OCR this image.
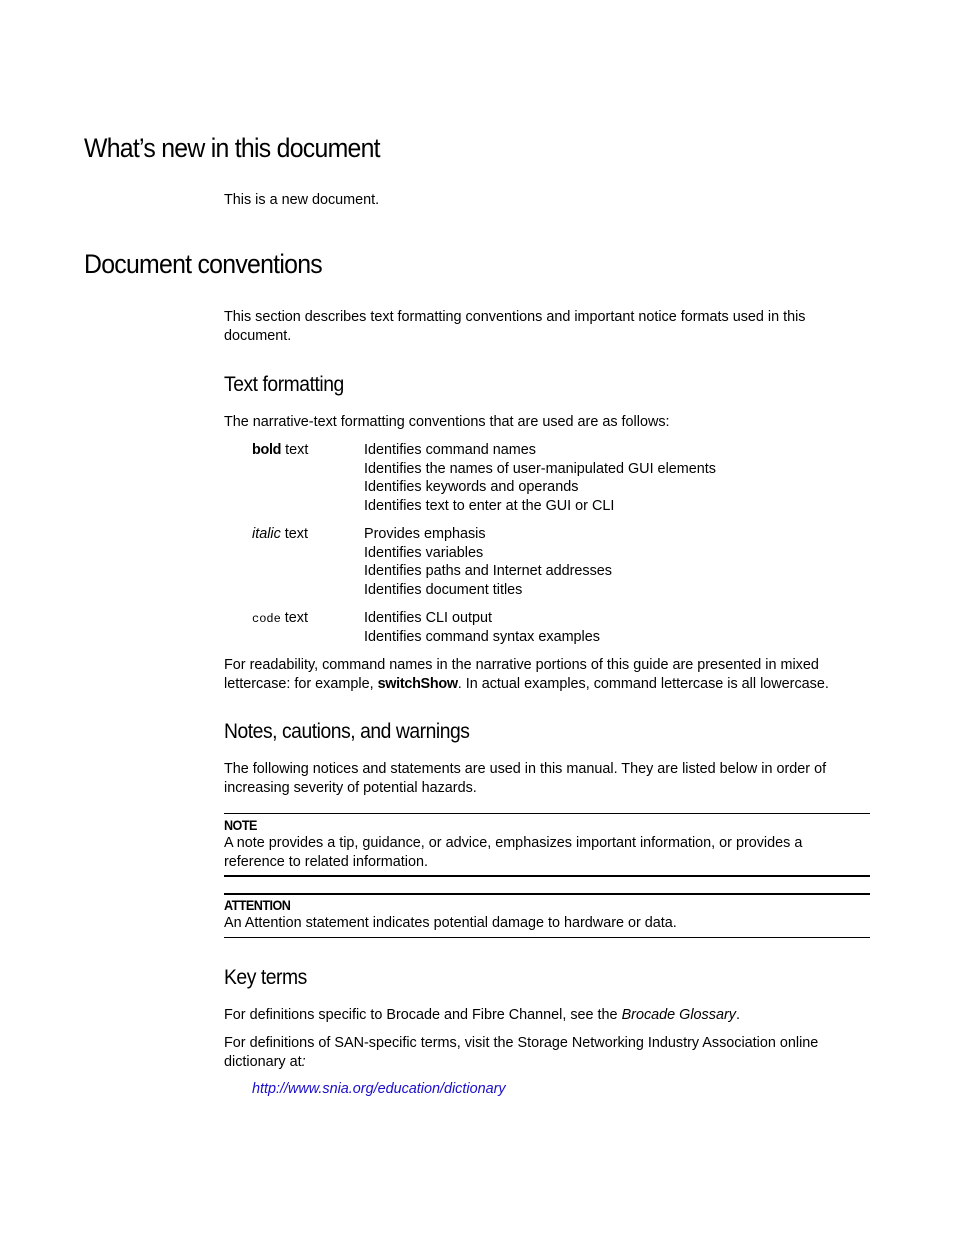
What’s new in this document

This is a new document.

Document conventions

This section describes text formatting conventions and important notice formats used in this document.

Text formatting

The narrative-text formatting conventions that are used are as follows:

bold text	Identifies command names
Identifies the names of user-manipulated GUI elements
Identifies keywords and operands
Identifies text to enter at the GUI or CLI
italic text	Provides emphasis
Identifies variables
Identifies paths and Internet addresses
Identifies document titles
code text	Identifies CLI output
Identifies command syntax examples

For readability, command names in the narrative portions of this guide are presented in mixed lettercase: for example, switchShow. In actual examples, command lettercase is all lowercase.

Notes, cautions, and warnings

The following notices and statements are used in this manual. They are listed below in order of increasing severity of potential hazards.

NOTE

A note provides a tip, guidance, or advice, emphasizes important information, or provides a reference to related information.

ATTENTION

An Attention statement indicates potential damage to hardware or data.

Key terms

For definitions specific to Brocade and Fibre Channel, see the Brocade Glossary.

For definitions of SAN-specific terms, visit the Storage Networking Industry Association online dictionary at:

http://www.snia.org/education/dictionary
